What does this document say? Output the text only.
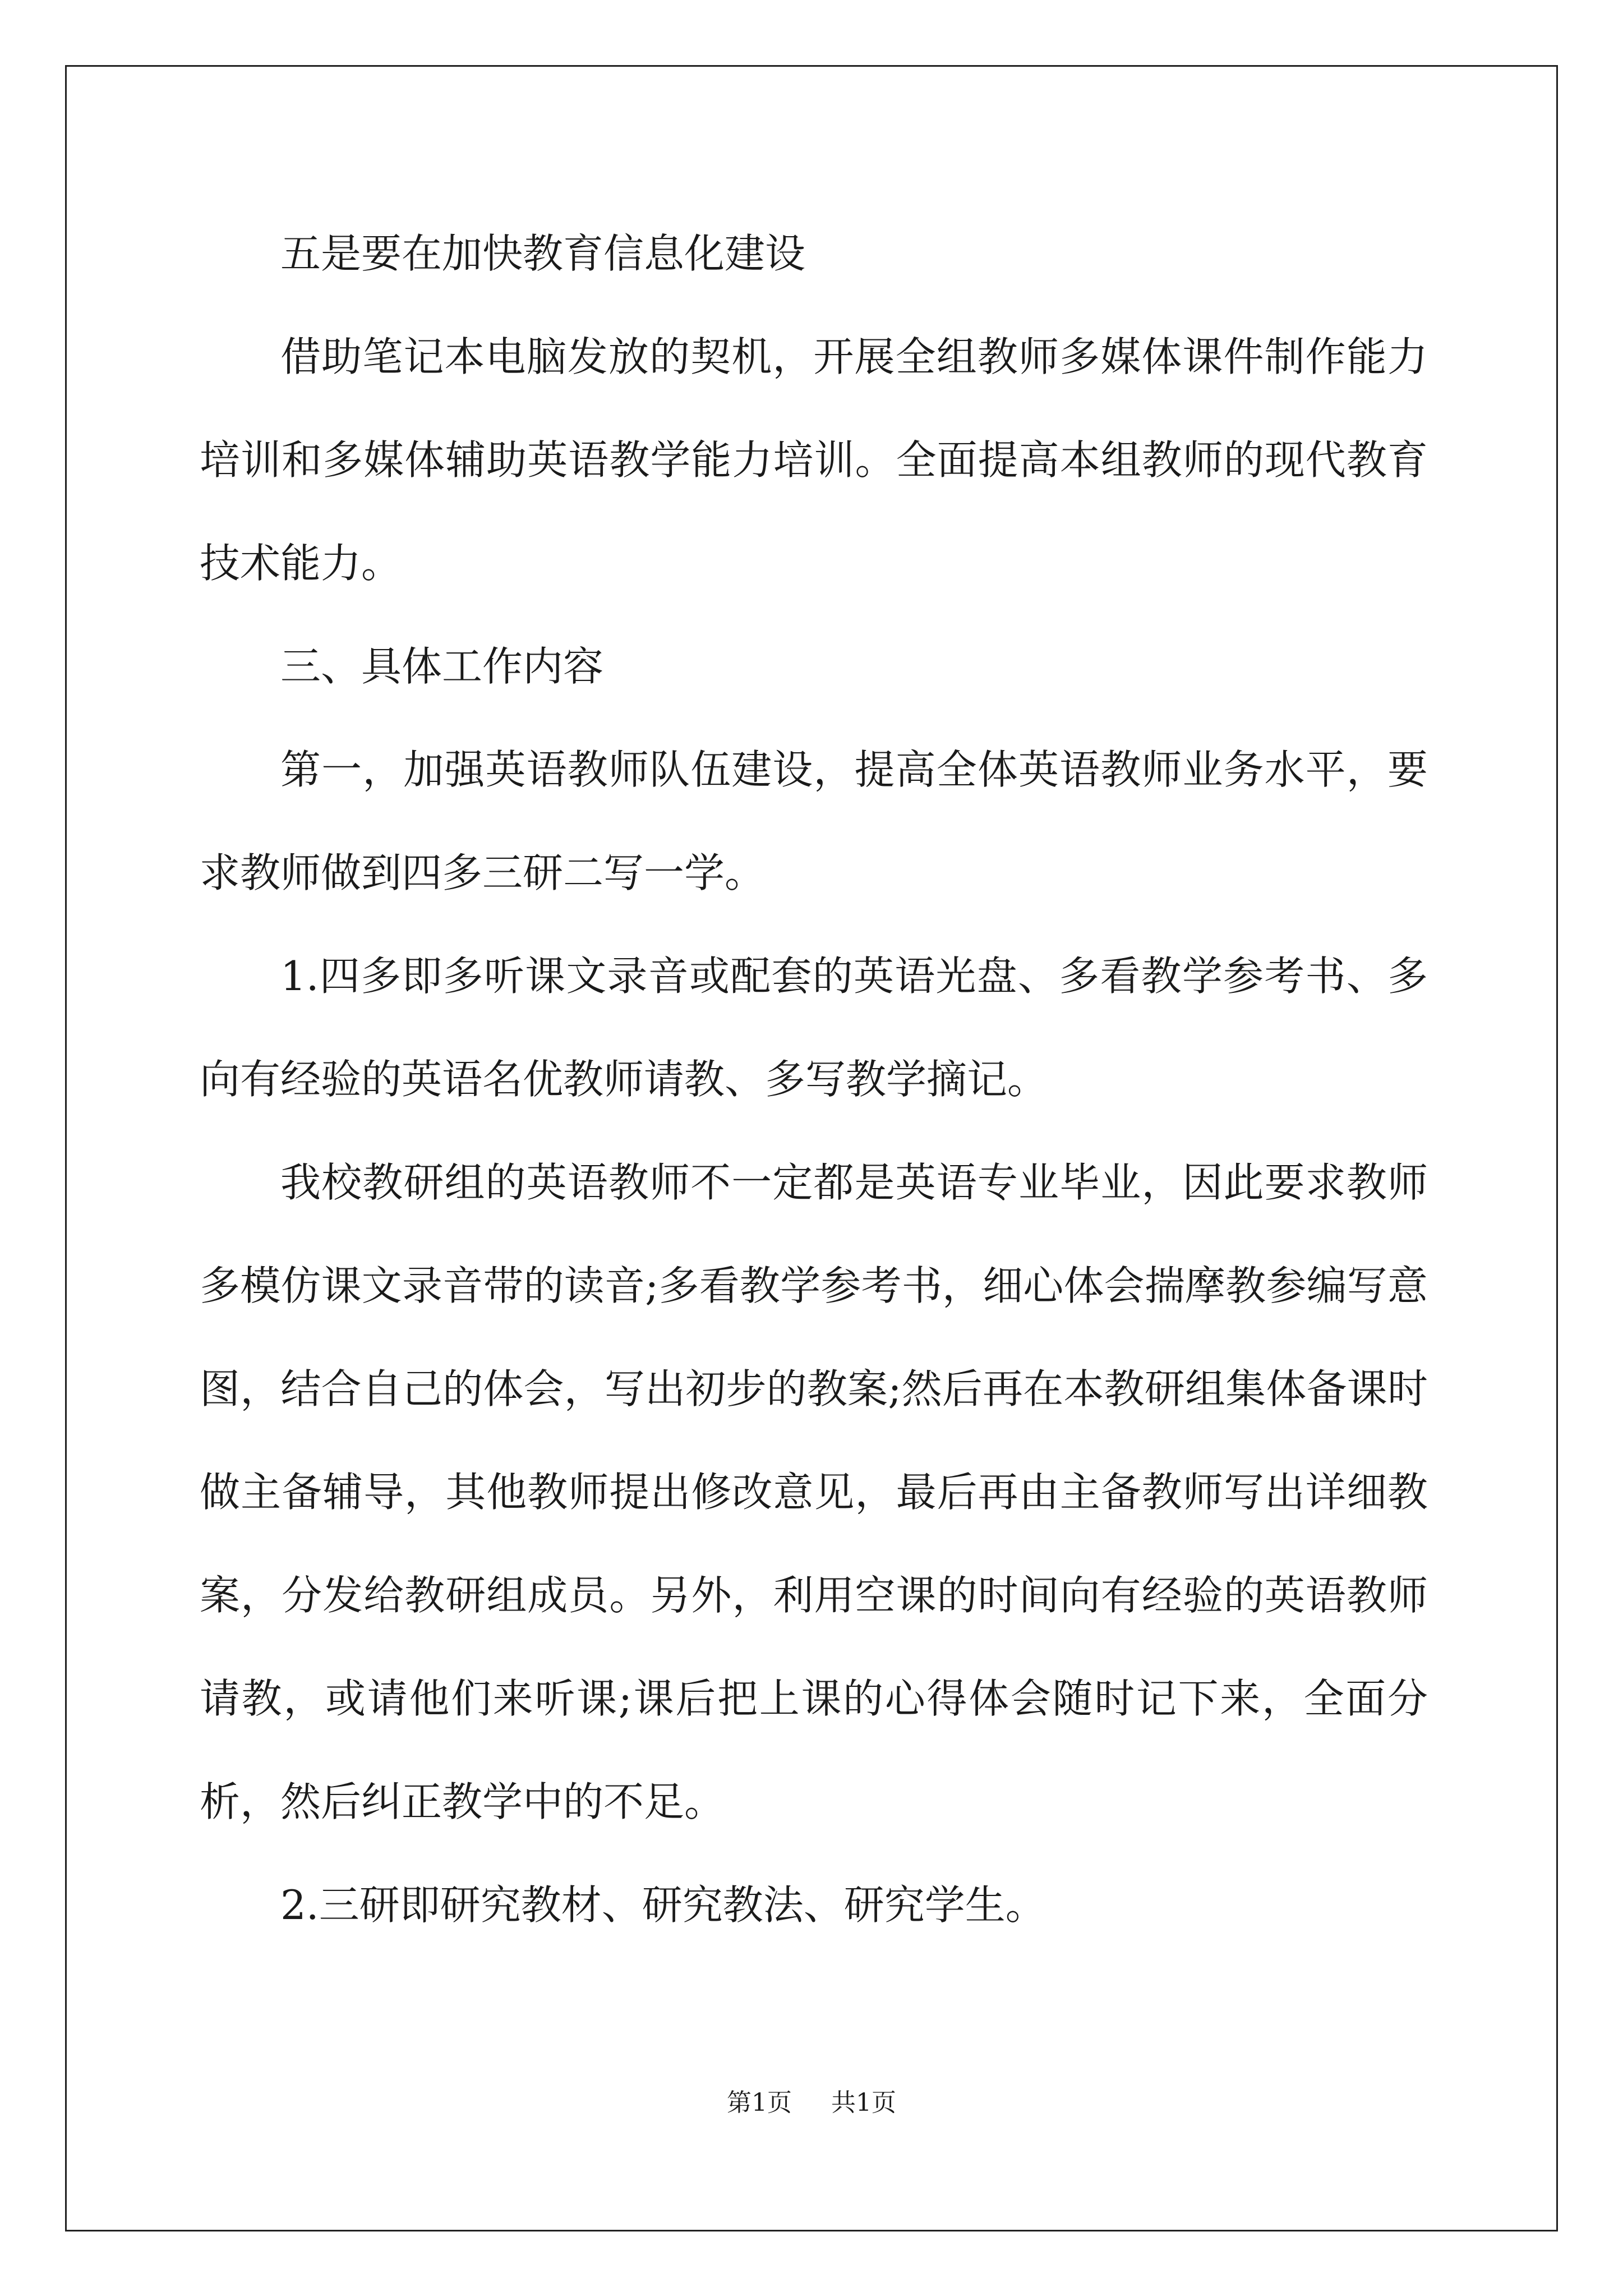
五是要在加快教育信息化建设

借助笔记本电脑发放的契机，开展全组教师多媒体课件制作能力培训和多媒体辅助英语教学能力培训。全面提高本组教师的现代教育技术能力。

三、具体工作内容

第一，加强英语教师队伍建设，提高全体英语教师业务水平，要求教师做到四多三研二写一学。

1.四多即多听课文录音或配套的英语光盘、多看教学参考书、多向有经验的英语名优教师请教、多写教学摘记。

我校教研组的英语教师不一定都是英语专业毕业，因此要求教师多模仿课文录音带的读音;多看教学参考书，细心体会揣摩教参编写意图，结合自己的体会，写出初步的教案;然后再在本教研组集体备课时做主备辅导，其他教师提出修改意见，最后再由主备教师写出详细教案，分发给教研组成员。另外，利用空课的时间向有经验的英语教师请教，或请他们来听课;课后把上课的心得体会随时记下来，全面分析，然后纠正教学中的不足。

2.三研即研究教材、研究教法、研究学生。

第1页 共1页
